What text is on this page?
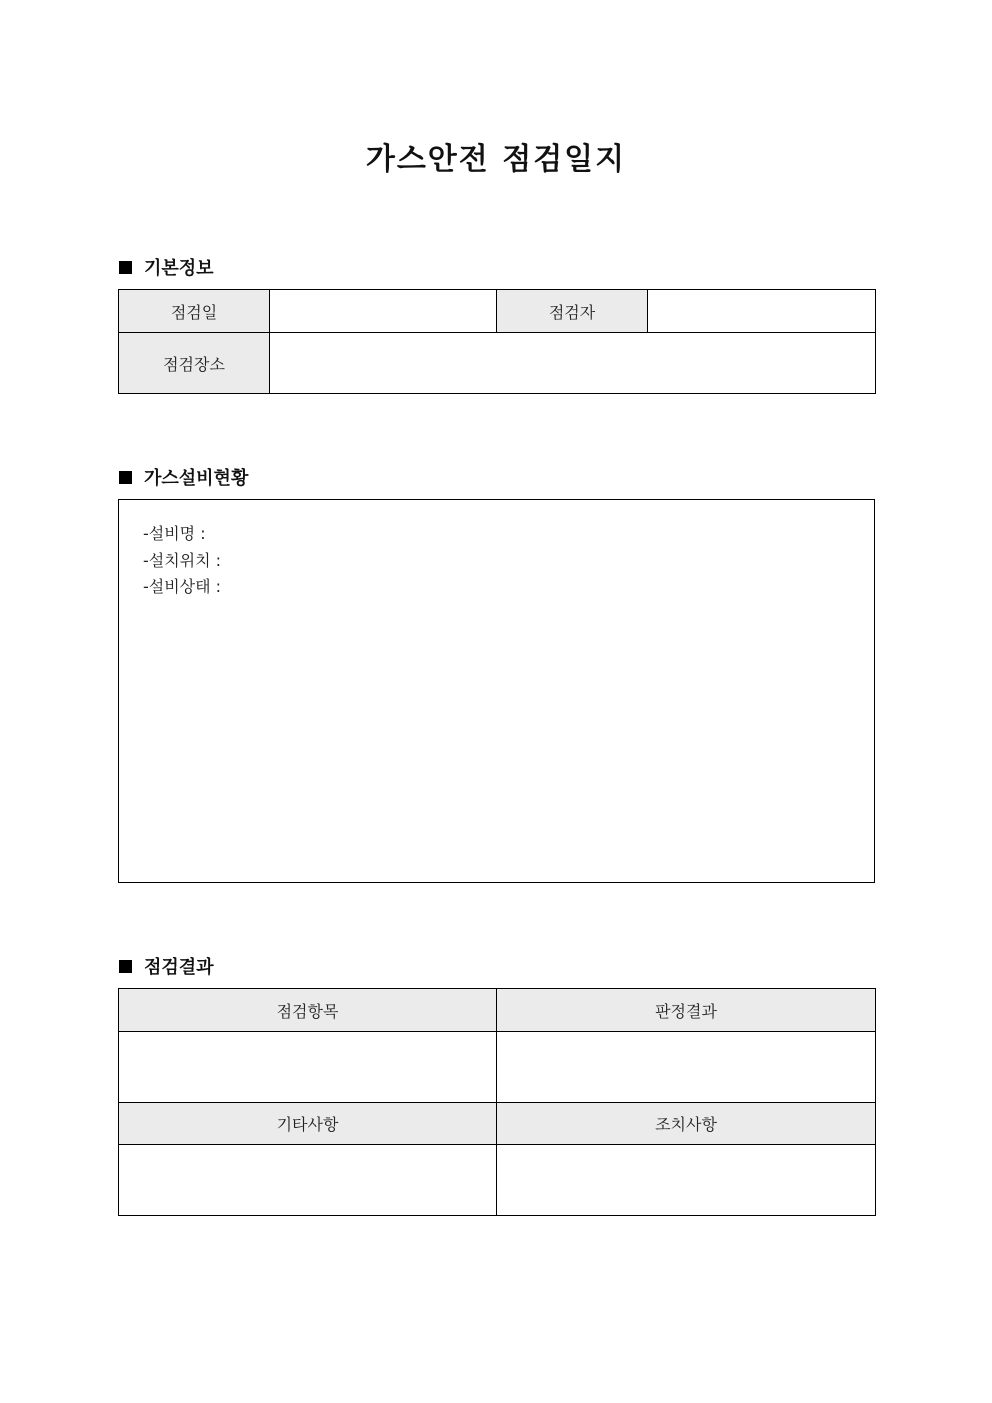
가스안전 점검일지
기본정보
점검일		점검자	
점검장소			
가스설비현황
-설비명 :
-설치위치 :
-설비상태 :
점검결과
점검항목	판정결과

기타사항	조치사항
